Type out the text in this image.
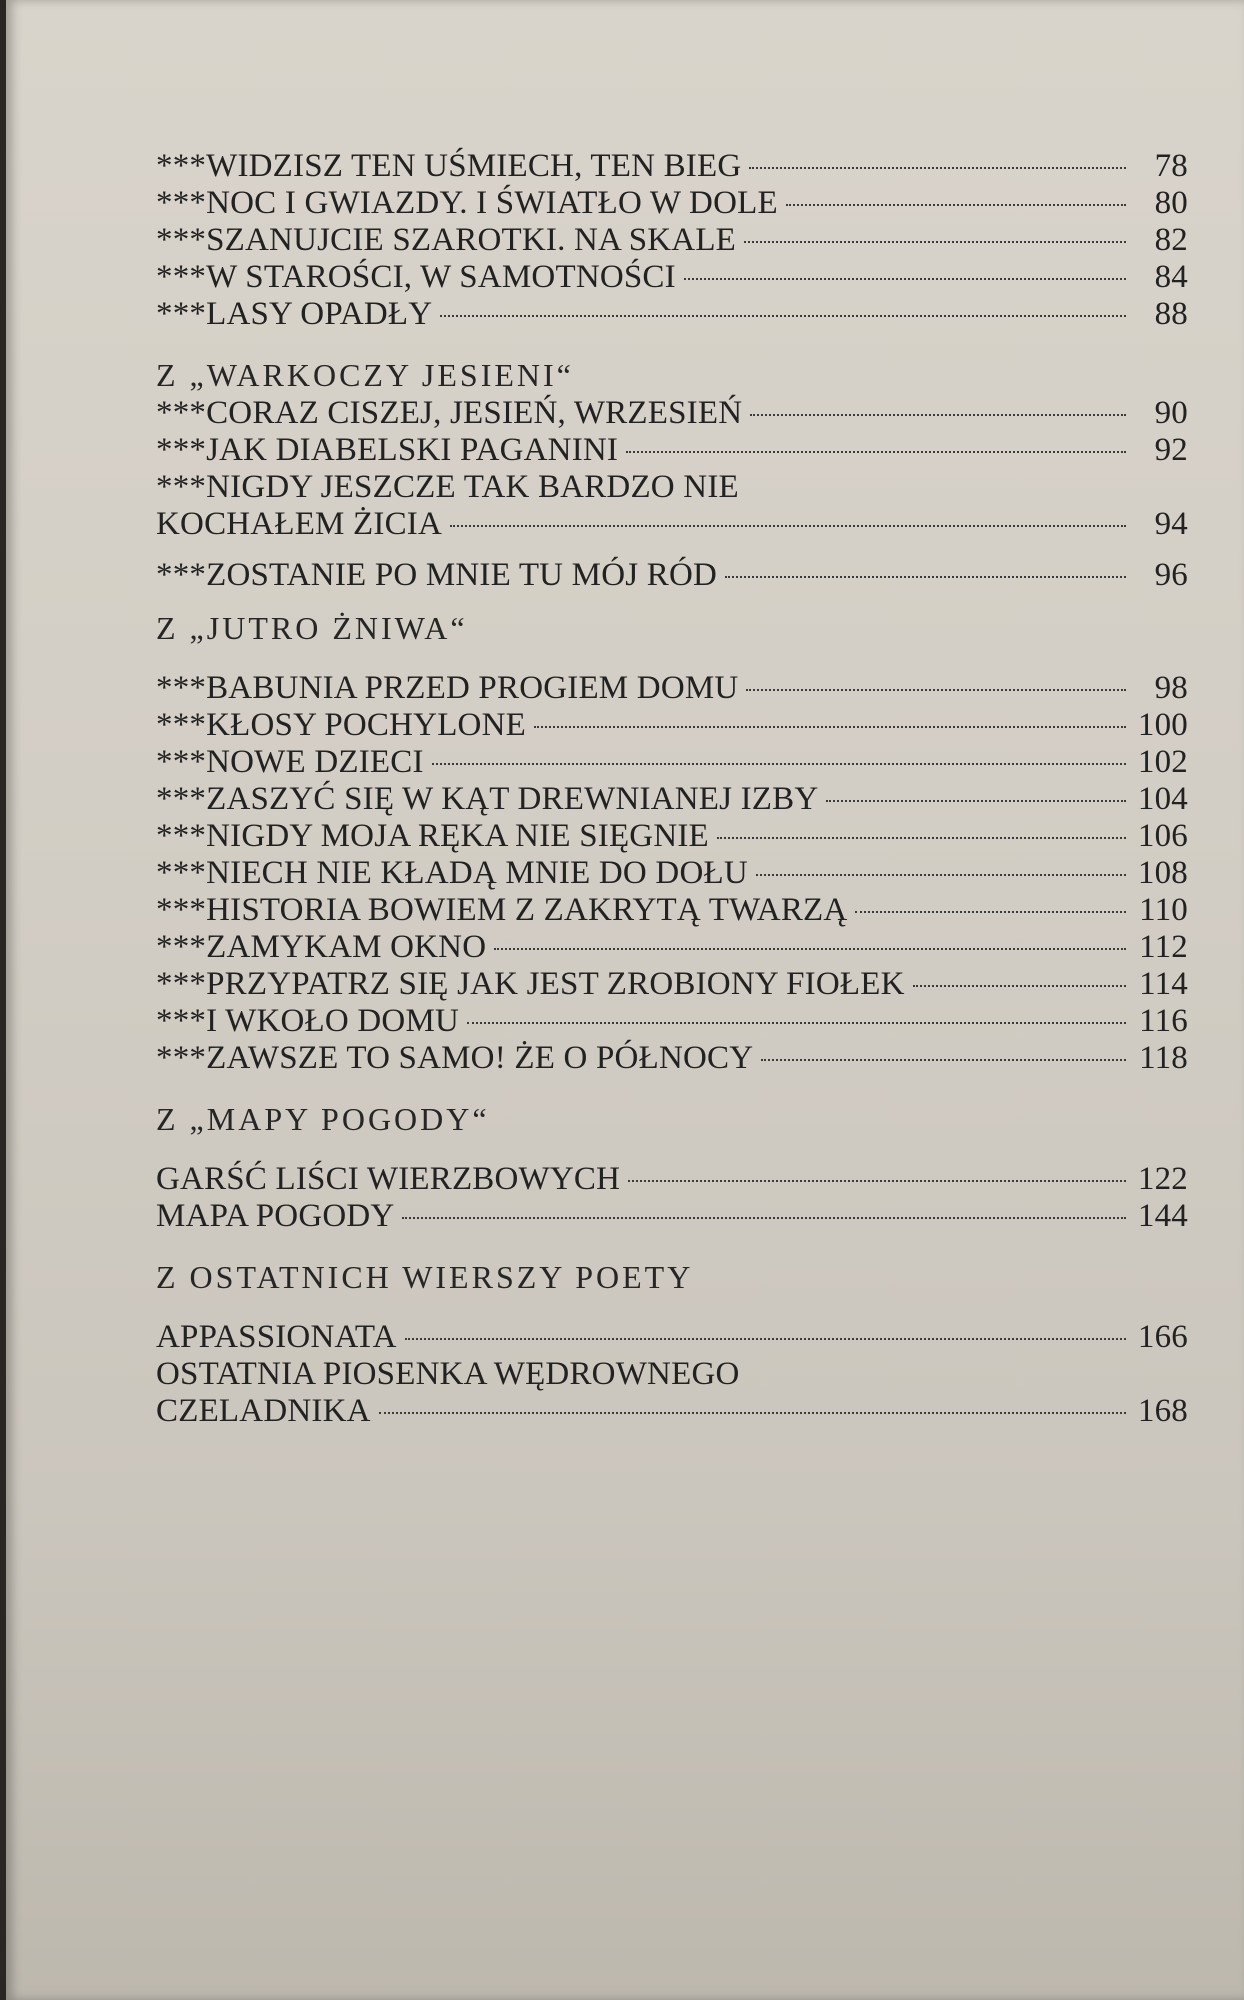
***WIDZISZ TEN UŚMIECH, TEN BIEG	78
***NOC I GWIAZDY. I ŚWIATŁO W DOLE	80
***SZANUJCIE SZAROTKI. NA SKALE	82
***W STAROŚCI, W SAMOTNOŚCI	84
***LASY OPADŁY	88
Z „WARKOCZY JESIENI“
***CORAZ CISZEJ, JESIEŃ, WRZESIEŃ	90
***JAK DIABELSKI PAGANINI	92
***NIGDY JESZCZE TAK BARDZO NIE
KOCHAŁEM ŻICIA	94
***ZOSTANIE PO MNIE TU MÓJ RÓD	96
Z „JUTRO ŻNIWA“
***BABUNIA PRZED PROGIEM DOMU	98
***KŁOSY POCHYLONE	100
***NOWE DZIECI	102
***ZASZYĆ SIĘ W KĄT DREWNIANEJ IZBY	104
***NIGDY MOJA RĘKA NIE SIĘGNIE	106
***NIECH NIE KŁADĄ MNIE DO DOŁU	108
***HISTORIA BOWIEM Z ZAKRYTĄ TWARZĄ	110
***ZAMYKAM OKNO	112
***PRZYPATRZ SIĘ JAK JEST ZROBIONY FIOŁEK	114
***I WKOŁO DOMU	116
***ZAWSZE TO SAMO! ŻE O PÓŁNOCY	118
Z „MAPY POGODY“
GARŚĆ LIŚCI WIERZBOWYCH	122
MAPA POGODY	144
Z OSTATNICH WIERSZY POETY
APPASSIONATA	166
OSTATNIA PIOSENKA WĘDROWNEGO
CZELADNIKA	168
